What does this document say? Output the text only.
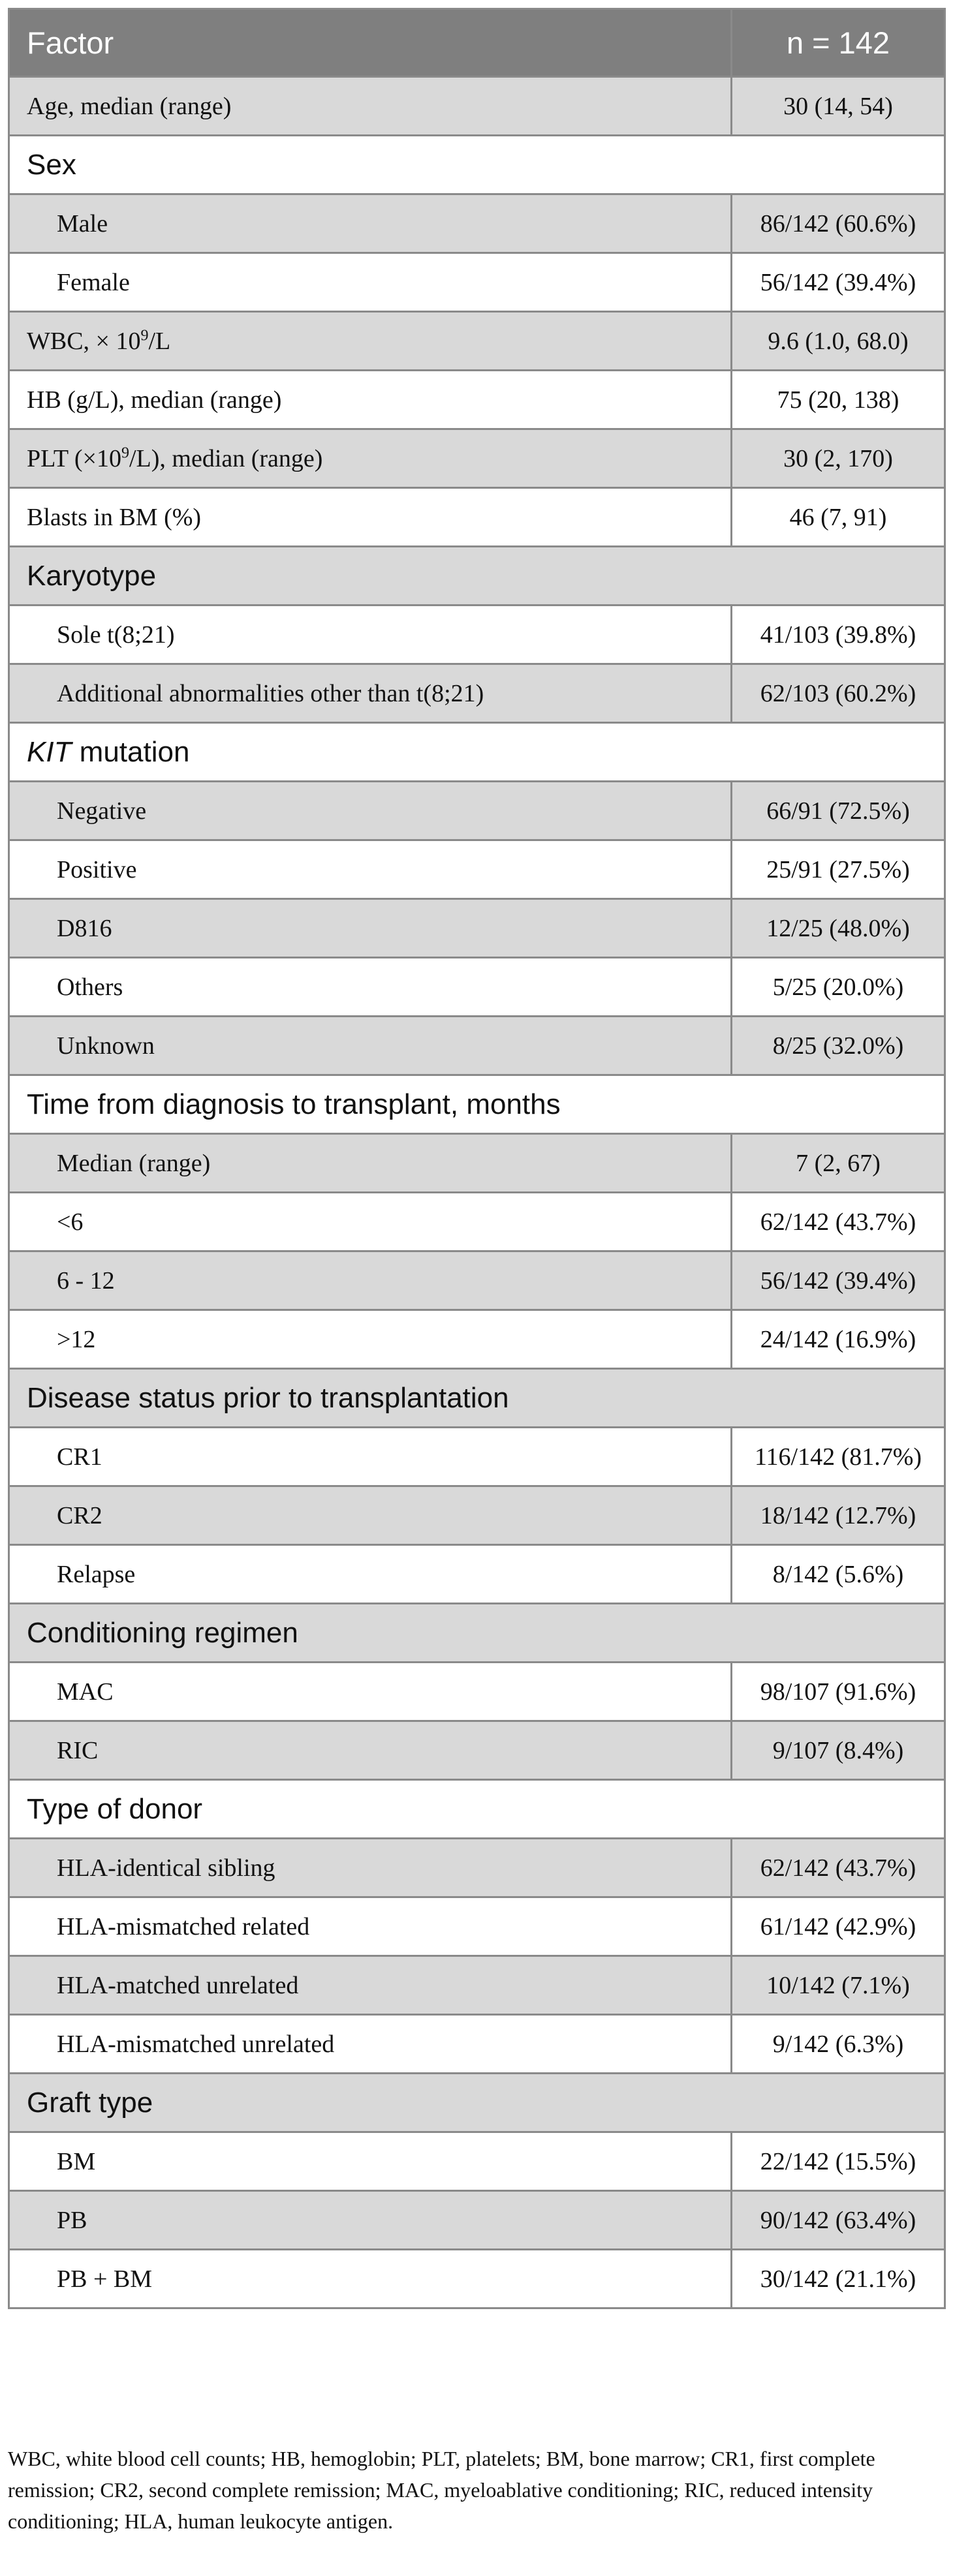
Factor	n = 142
Age, median (range)	30 (14, 54)
Sex	
Male	86/142 (60.6%)
Female	56/142 (39.4%)
WBC, × $10^9/L$	9.6 (1.0, 68.0)
HB (g/L), median (range)	75 (20, 138)
PLT $(\times 10^9/L)$, median (range)	30 (2, 170)
Blasts in BM (%)	46 (7, 91)
Karyotype	
Sole t(8;21)	41/103 (39.8%)
Additional abnormalities other than t(8;21)	62/103 (60.2%)
KIT mutation	
Negative	66/91 (72.5%)
Positive	25/91 (27.5%)
D816	12/25 (48.0%)
Others	5/25 (20.0%)
Unknown	8/25 (32.0%)
Time from diagnosis to transplant, months	
Median (range)	7 (2, 67)
<6	62/142 (43.7%)
6 - 12	56/142 (39.4%)
>12	24/142 (16.9%)
Disease status prior to transplantation	
CR1	116/142 (81.7%)
CR2	18/142 (12.7%)
Relapse	8/142 (5.6%)
Conditioning regimen	
MAC	98/107 (91.6%)
RIC	9/107 (8.4%)
Type of donor	
HLA-identical sibling	62/142 (43.7%)
HLA-mismatched related	61/142 (42.9%)
HLA-matched unrelated	10/142 (7.1%)
HLA-mismatched unrelated	9/142 (6.3%)
Graft type	
BM	22/142 (15.5%)
PB	90/142 (63.4%)
PB + BM	30/142 (21.1%)
WBC, white blood cell counts; HB, hemoglobin; PLT, platelets; BM, bone marrow; CR1, first complete remission; CR2, second complete remission; MAC, myeloablative conditioning; RIC, reduced intensity conditioning; HLA, human leukocyte antigen.
